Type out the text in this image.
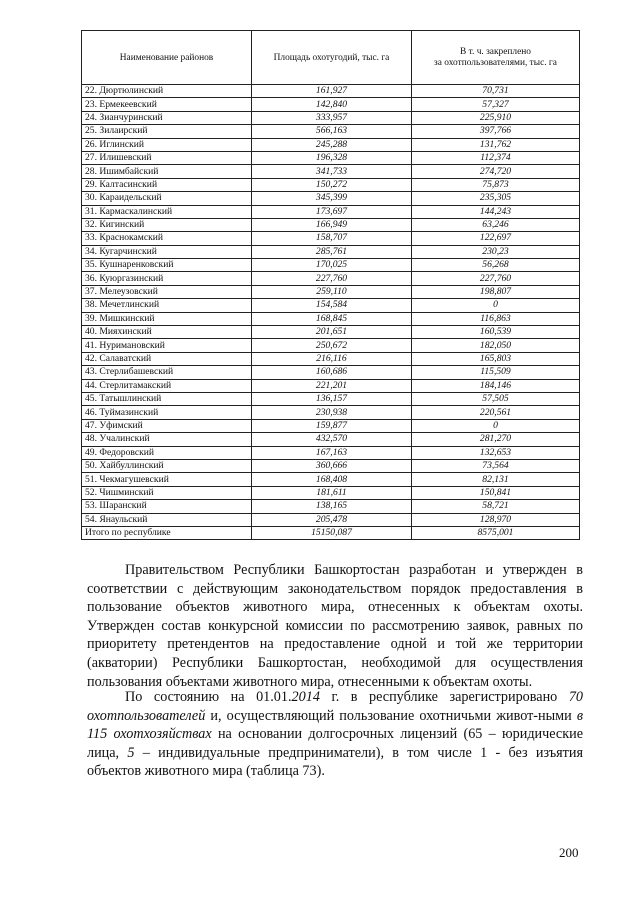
Наименование районов	Площадь охотугодий, тыс. га	В т. ч. закреплено
за охотпользователями, тыс. га

22. Дюртюлинский	161,927	70,731
23. Ермекеевский	142,840	57,327
24. Зианчуринский	333,957	225,910
25. Зилаирский	566,163	397,766
26. Иглинский	245,288	131,762
27. Илишевский	196,328	112,374
28. Ишимбайский	341,733	274,720
29. Калтасинский	150,272	75,873
30. Караидельский	345,399	235,305
31. Кармаскалинский	173,697	144,243
32. Кигинский	166,949	63,246
33. Краснокамский	158,707	122,697
34. Кугарчинский	285,761	230,23
35. Кушнаренковский	170,025	56,268
36. Куюргазинский	227,760	227,760
37. Мелеузовский	259,110	198,807
38. Мечетлинский	154,584	0
39. Мишкинский	168,845	116,863
40. Мияхинский	201,651	160,539
41. Нуримановский	250,672	182,050
42. Салаватский	216,116	165,803
43. Стерлибашевский	160,686	115,509
44. Стерлитамакский	221,201	184,146
45. Татышлинский	136,157	57,505
46. Туймазинский	230,938	220,561
47. Уфимский	159,877	0
48. Учалинский	432,570	281,270
49. Федоровский	167,163	132,653
50. Хайбуллинский	360,666	73,564
51. Чекмагушевский	168,408	82,131
52. Чишминский	181,611	150,841
53. Шаранский	138,165	58,721
54. Янаульский	205,478	128,970
Итого по республике	15150,087	8575,001

Правительством Республики Башкортостан разработан и утвержден в соответствии с действующим законодательством порядок предоставления в пользование объектов животного мира, отнесенных к объектам охоты. Утвержден состав конкурсной комиссии по рассмотрению заявок, равных по приоритету претендентов на предоставление одной и той же территории (акватории) Республики Башкортостан, необходимой для осуществления пользования объектами животного мира, отнесенными к объектам охоты.

По состоянию на 01.01.2014 г. в республике зарегистрировано 70 охотпользователей и, осуществляющий пользование охотничьми живот-ными в 115 охотхозяйствах на основании долгосрочных лицензий (65 – юридические лица, 5 – индивидуальные предприниматели), в том числе 1 - без изъятия объектов животного мира (таблица 73).

200
